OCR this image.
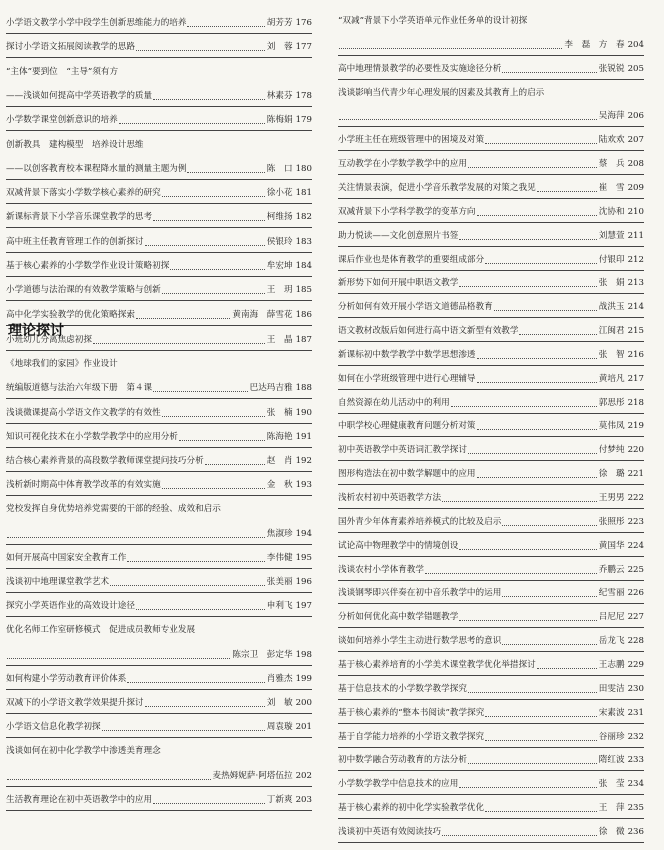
小学语文教学小学中段学生创新思维能力的培养	胡芳芳 176
探讨小学语文拓展阅读教学的思路	刘　蓉 177
“主体”要到位　“主导”须有方
——浅谈如何提高中学英语教学的质量	林素芬 178
小学数学课堂创新意识的培养	陈梅娟 179
创新教具　建构模型　培养设计思维
——以创客教育校本课程降水量的测量主题为例	陈　口 180
双减背景下落实小学数学核心素养的研究	徐小花 181
新课标背景下小学音乐课堂教学的思考	柯维扬 182
高中班主任教育管理工作的创新探讨	侯银玲 183
基于核心素养的小学数学作业设计策略初探	牟宏坤 184
小学道德与法治课的有效教学策略与创新	王　玥 185
高中化学实验教学的优化策略探索	黄南海　薛雪花 186
理论探讨
小班幼儿分离焦虑初探	王　晶 187
《地球我们的家园》作业设计
统编版道德与法治六年级下册　第４课	巴达玛吉雅 188
浅谈微课提高小学语文作文教学的有效性	张　楠 190
知识可视化技术在小学数学教学中的应用分析	陈海艳 191
结合核心素养背景的高段数学教师课堂提问技巧分析	赵　肖 192
浅析新时期高中体育教学改革的有效实施	金　秋 193
党校发挥自身优势培养党需要的干部的经验、成效和启示
焦淑珍 194
如何开展高中国家安全教育工作	李伟健 195
浅谈初中地理课堂教学艺术	张美丽 196
探究小学英语作业的高效设计途径	申利飞 197
优化名师工作室研修模式　促进成员教师专业发展
陈宗卫　彭定华 198
如何构建小学劳动教育评价体系	肖雅杰 199
双减下的小学语文教学效果提升探讨	刘　敏 200
小学语文信息化教学初探	周袁璇 201
浅谈如何在初中化学教学中渗透美育理念
麦热姆妮萨·阿塔伍拉 202
生活教育理论在初中英语教学中的应用	丁新爽 203
“双减”背景下小学英语单元作业任务单的设计初探
李　磊　方　春 204
高中地理情景教学的必要性及实施途径分析	张锐锐 205
浅谈影响当代青少年心理发展的因素及其教育上的启示
吴海萍 206
小学班主任在班级管理中的困境及对策	陆欢欢 207
互动教学在小学数学教学中的应用	蔡　兵 208
关注情景表演，促进小学音乐教学发展的对策之我见	崔　雪 209
双减背景下小学科学教学的变革方向	沈协和 210
助力悦读——文化创意照片书签	刘慧萱 211
课后作业也是体育教学的重要组成部分	付银印 212
新形势下如何开展中职语文教学	张　娟 213
分析如何有效开展小学语文道德品格教育	战洪玉 214
语文教材改版后如何进行高中语文新型有效教学	江闽君 215
新课标初中数学教学中数学思想渗透	张　智 216
如何在小学班级管理中进行心理辅导	黄培凡 217
自然资源在幼儿活动中的利用	郭思彤 218
中职学校心理健康教育问题分析对策	莫伟凤 219
初中英语教学中英语词汇教学探讨	付梦纯 220
图形构造法在初中数学解题中的应用	徐　璐 221
浅析农村初中英语教学方法	王男男 222
国外青少年体育素养培养模式的比较及启示	张照彤 223
试论高中物理教学中的情境创设	黄国华 224
浅谈农村小学体育教学	乔鹏云 225
浅谈钢琴即兴伴奏在初中音乐教学中的运用	纪雪丽 226
分析如何优化高中数学错题教学	吕尼尼 227
谈如何培养小学生主动进行数学思考的意识	岳龙飞 228
基于核心素养培育的小学美术课堂教学优化举措探讨	王志鹏 229
基于信息技术的小学数学教学探究	田雯洁 230
基于核心素养的“整本书阅读”教学探究	宋素波 231
基于自学能力培养的小学语文教学探究	谷丽珍 232
初中数学融合劳动教育的方法分析	隋红波 233
小学数学教学中信息技术的应用	张　莹 234
基于核心素养的初中化学实验教学优化	王　萍 235
浅谈初中英语有效阅读技巧	徐　微 236
